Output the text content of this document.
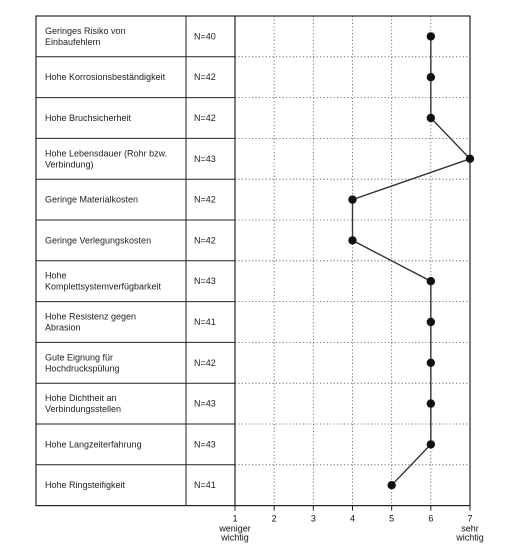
Geringes Risiko von Einbaufehlern
N=40
Hohe Korrosionsbeständigkeit	N=42
Hohe Bruchsicherheit	N=42
Hohe Lebensdauer (Rohr bzw. Verbindung)
N=43
Geringe Materialkosten	N=42
Geringe Verlegungskosten	N=42
Hohe Komplettsystemverfügbarkeit
N=43
Hohe Resistenz gegen Abrasion
N=41
Gute Eignung für Hochdruckspülung
N=42
Hohe Dichtheit an Verbindungsstellen
N=43
Hohe Langzeiterfahrung	N=43
Hohe Ringsteifigkeit	N=41
1	2	3	4	5	6	7
weniger wichtig
sehr wichtig
